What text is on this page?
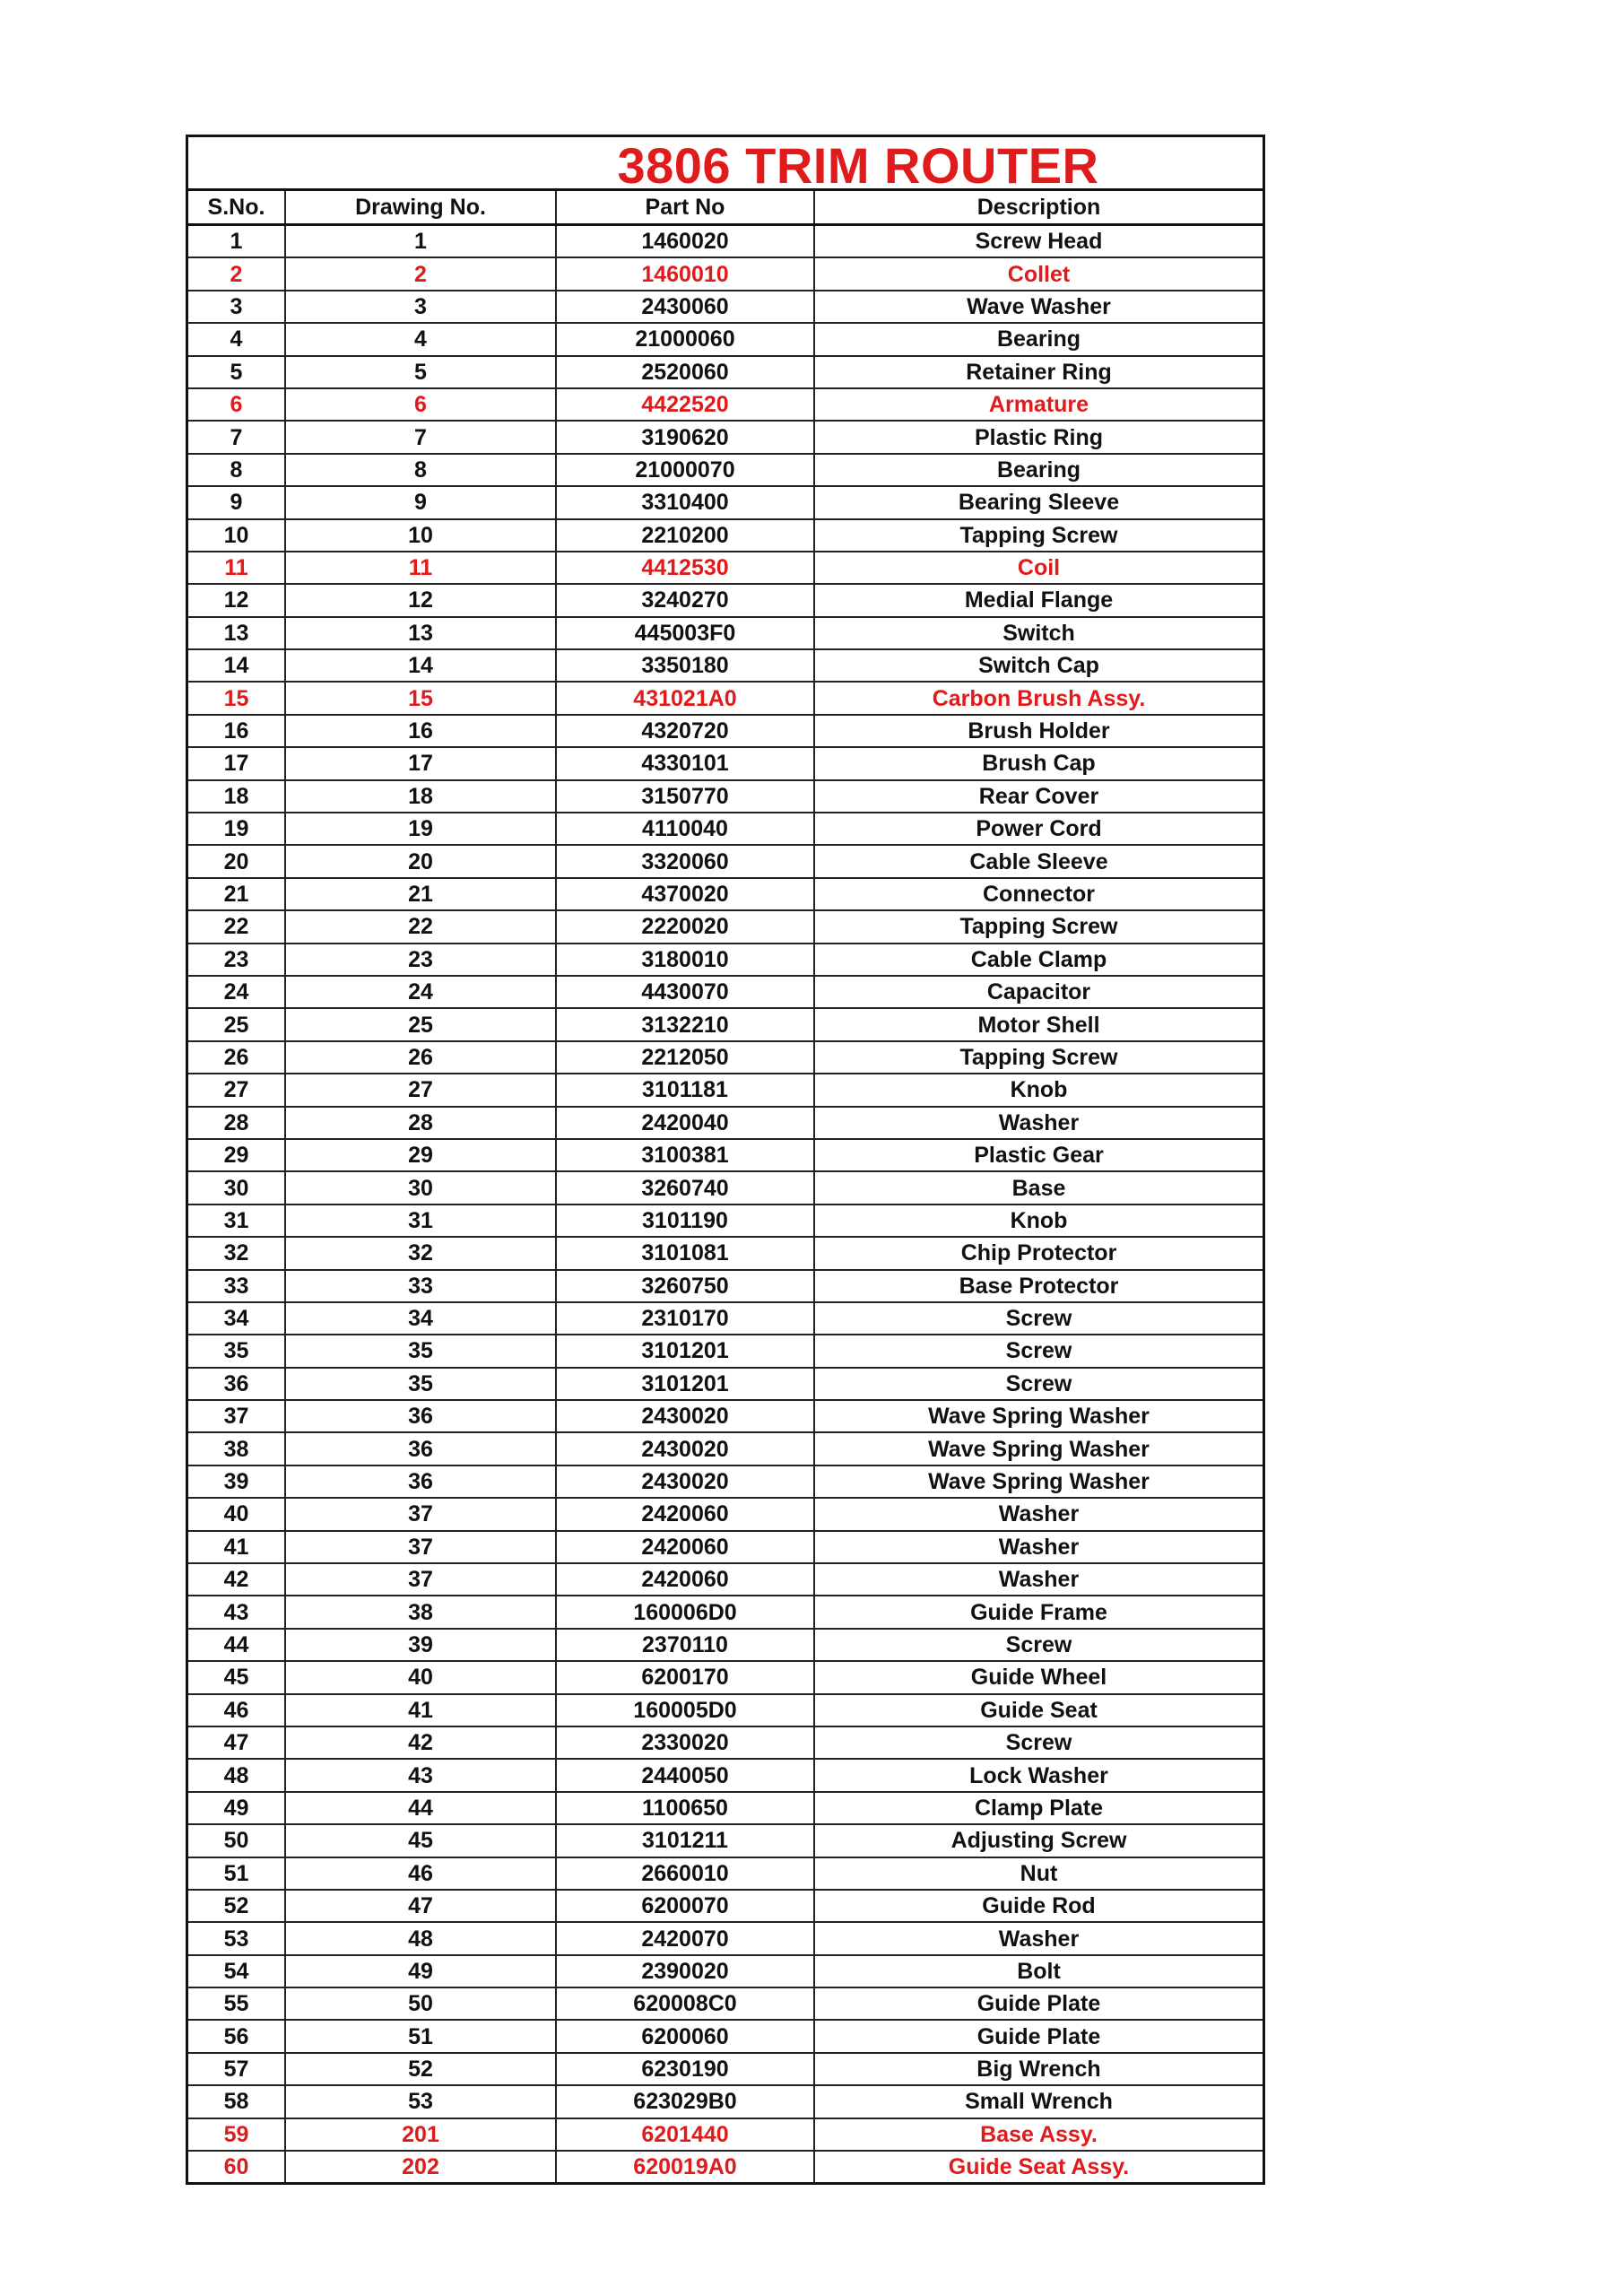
3806 TRIM ROUTER
S.No.	Drawing No.	Part No	Description
1	1	1460020	Screw Head
2	2	1460010	Collet
3	3	2430060	Wave Washer
4	4	21000060	Bearing
5	5	2520060	Retainer Ring
6	6	4422520	Armature
7	7	3190620	Plastic Ring
8	8	21000070	Bearing
9	9	3310400	Bearing Sleeve
10	10	2210200	Tapping Screw
11	11	4412530	Coil
12	12	3240270	Medial Flange
13	13	445003F0	Switch
14	14	3350180	Switch Cap
15	15	431021A0	Carbon Brush Assy.
16	16	4320720	Brush Holder
17	17	4330101	Brush Cap
18	18	3150770	Rear Cover
19	19	4110040	Power Cord
20	20	3320060	Cable Sleeve
21	21	4370020	Connector
22	22	2220020	Tapping Screw
23	23	3180010	Cable Clamp
24	24	4430070	Capacitor
25	25	3132210	Motor Shell
26	26	2212050	Tapping Screw
27	27	3101181	Knob
28	28	2420040	Washer
29	29	3100381	Plastic Gear
30	30	3260740	Base
31	31	3101190	Knob
32	32	3101081	Chip Protector
33	33	3260750	Base Protector
34	34	2310170	Screw
35	35	3101201	Screw
36	35	3101201	Screw
37	36	2430020	Wave Spring Washer
38	36	2430020	Wave Spring Washer
39	36	2430020	Wave Spring Washer
40	37	2420060	Washer
41	37	2420060	Washer
42	37	2420060	Washer
43	38	160006D0	Guide Frame
44	39	2370110	Screw
45	40	6200170	Guide Wheel
46	41	160005D0	Guide Seat
47	42	2330020	Screw
48	43	2440050	Lock Washer
49	44	1100650	Clamp Plate
50	45	3101211	Adjusting Screw
51	46	2660010	Nut
52	47	6200070	Guide Rod
53	48	2420070	Washer
54	49	2390020	Bolt
55	50	620008C0	Guide Plate
56	51	6200060	Guide Plate
57	52	6230190	Big Wrench
58	53	623029B0	Small Wrench
59	201	6201440	Base Assy.
60	202	620019A0	Guide Seat Assy.
